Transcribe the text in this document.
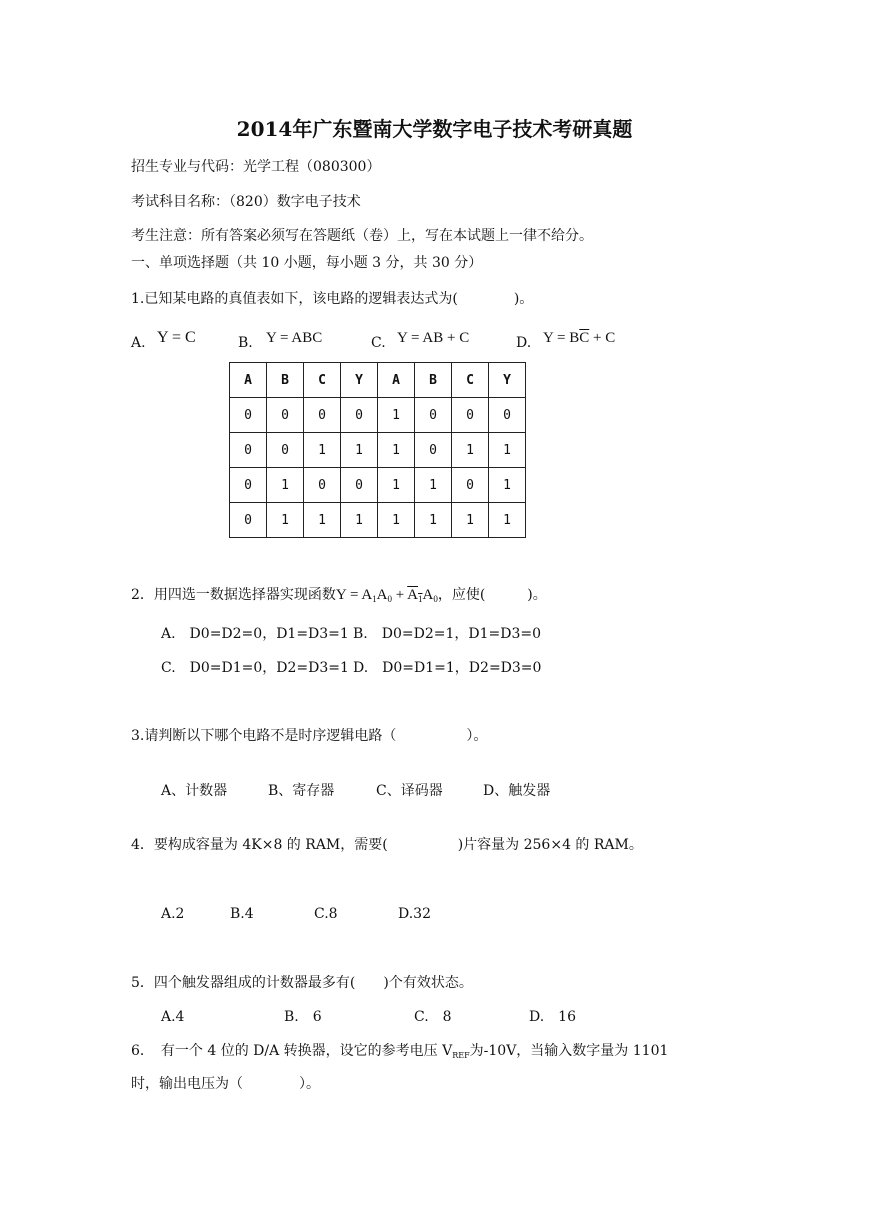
2014年广东暨南大学数字电子技术考研真题
招生专业与代码：光学工程（080300）
考试科目名称：（820）数字电子技术
考生注意：所有答案必须写在答题纸（卷）上，写在本试题上一律不给分。
一、单项选择题（共 10 小题，每小题 3 分，共 30 分）
1.已知某电路的真值表如下，该电路的逻辑表达式为(　　　　)。
A. Y = C	B. Y = ABC	C. Y = AB + C	D. $Y = B\overline{C} + C$
A	B	C	Y	A	B	C	Y
0	0	0	0	1	0	0	0
0	0	1	1	1	0	1	1
0	1	0	0	1	1	0	1
0	1	1	1	1	1	1	1
2．用四选一数据选择器实现函数$Y = A_1A_0 + A_1A_0$，应使(　　　)。
A.　D0=D2=0，D1=D3=1 B.　D0=D2=1，D1=D3=0
C.　D0=D1=0，D2=D3=1 D.　D0=D1=1，D2=D3=0
3.请判断以下哪个电路不是时序逻辑电路（　　　　　）。
A、计数器	B、寄存器	C、译码器	D、触发器
4．要构成容量为 4K×8 的 RAM，需要(　　　　　)片容量为 256×4 的 RAM。
A.2	B.4	C.8	D.32
5．四个触发器组成的计数器最多有(　　)个有效状态。
A.4	B.　6	C.　8	D.　16
6．　有一个 4 位的 D/A 转换器，设它的参考电压 $V_{REF}$为-10V，当输入数字量为 1101
时，输出电压为（　　　　）。
